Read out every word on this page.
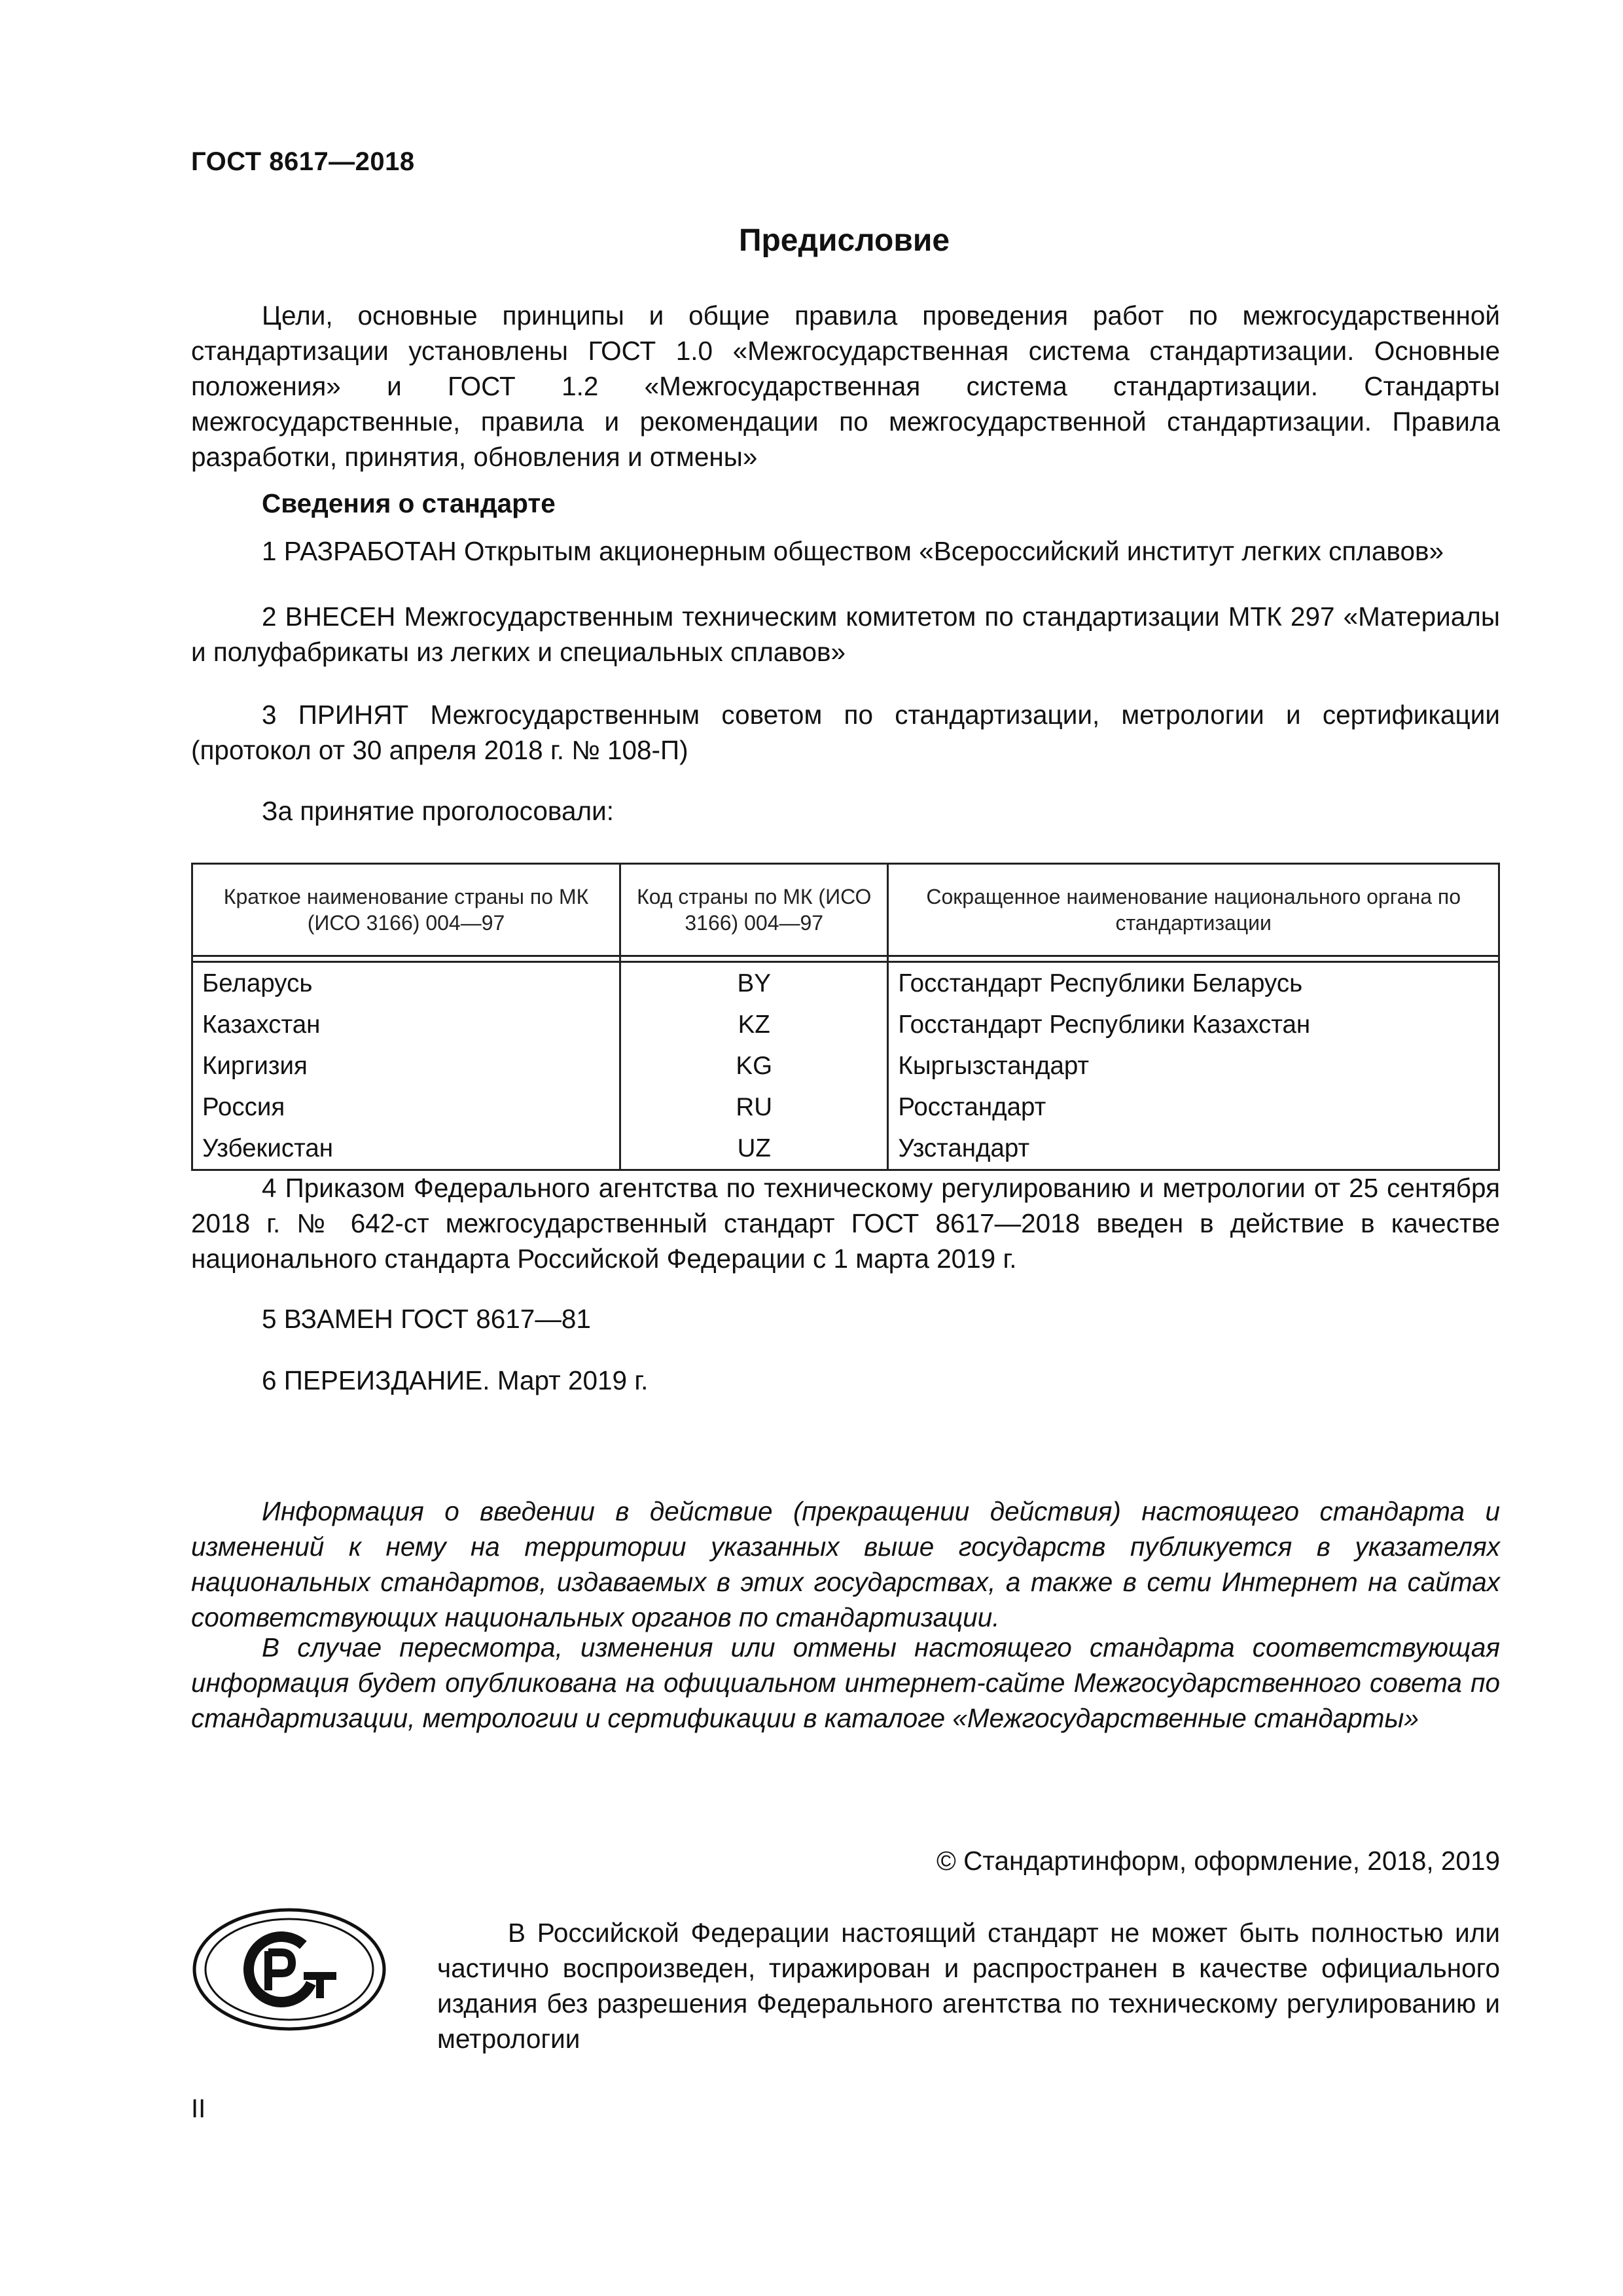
ГОСТ 8617—2018
Предисловие
Цели, основные принципы и общие правила проведения работ по межгосударственной стандартизации установлены ГОСТ 1.0 «Межгосударственная система стандартизации. Основные положения» и ГОСТ 1.2 «Межгосударственная система стандартизации. Стандарты межгосударственные, правила и рекомендации по межгосударственной стандартизации. Правила разработки, принятия, обновления и отмены»
Сведения о стандарте
1 РАЗРАБОТАН Открытым акционерным обществом «Всероссийский институт легких сплавов»
2 ВНЕСЕН Межгосударственным техническим комитетом по стандартизации МТК 297 «Материалы и полуфабрикаты из легких и специальных сплавов»
3 ПРИНЯТ Межгосударственным советом по стандартизации, метрологии и сертификации (протокол от 30 апреля 2018 г. № 108-П)
За принятие проголосовали:
Краткое наименование страны по МК (ИСО 3166) 004—97	Код страны по МК (ИСО 3166) 004—97	Сокращенное наименование национального органа по стандартизации

Беларусь	BY	Госстандарт Республики Беларусь
Казахстан	KZ	Госстандарт Республики Казахстан
Киргизия	KG	Кыргызстандарт
Россия	RU	Росстандарт
Узбекистан	UZ	Узстандарт
4 Приказом Федерального агентства по техническому регулированию и метрологии от 25 сентября 2018 г. № 642-ст межгосударственный стандарт ГОСТ 8617—2018 введен в действие в качестве национального стандарта Российской Федерации с 1 марта 2019 г.
5 ВЗАМЕН ГОСТ 8617—81
6 ПЕРЕИЗДАНИЕ. Март 2019 г.
Информация о введении в действие (прекращении действия) настоящего стандарта и изменений к нему на территории указанных выше государств публикуется в указателях национальных стандартов, издаваемых в этих государствах, а также в сети Интернет на сайтах соответствующих национальных органов по стандартизации.
В случае пересмотра, изменения или отмены настоящего стандарта соответствующая информация будет опубликована на официальном интернет-сайте Межгосударственного совета по стандартизации, метрологии и сертификации в каталоге «Межгосударственные стандарты»
© Стандартинформ, оформление, 2018, 2019
В Российской Федерации настоящий стандарт не может быть полностью или частично воспроизведен, тиражирован и распространен в качестве официального издания без разрешения Федерального агентства по техническому регулированию и метрологии
II
